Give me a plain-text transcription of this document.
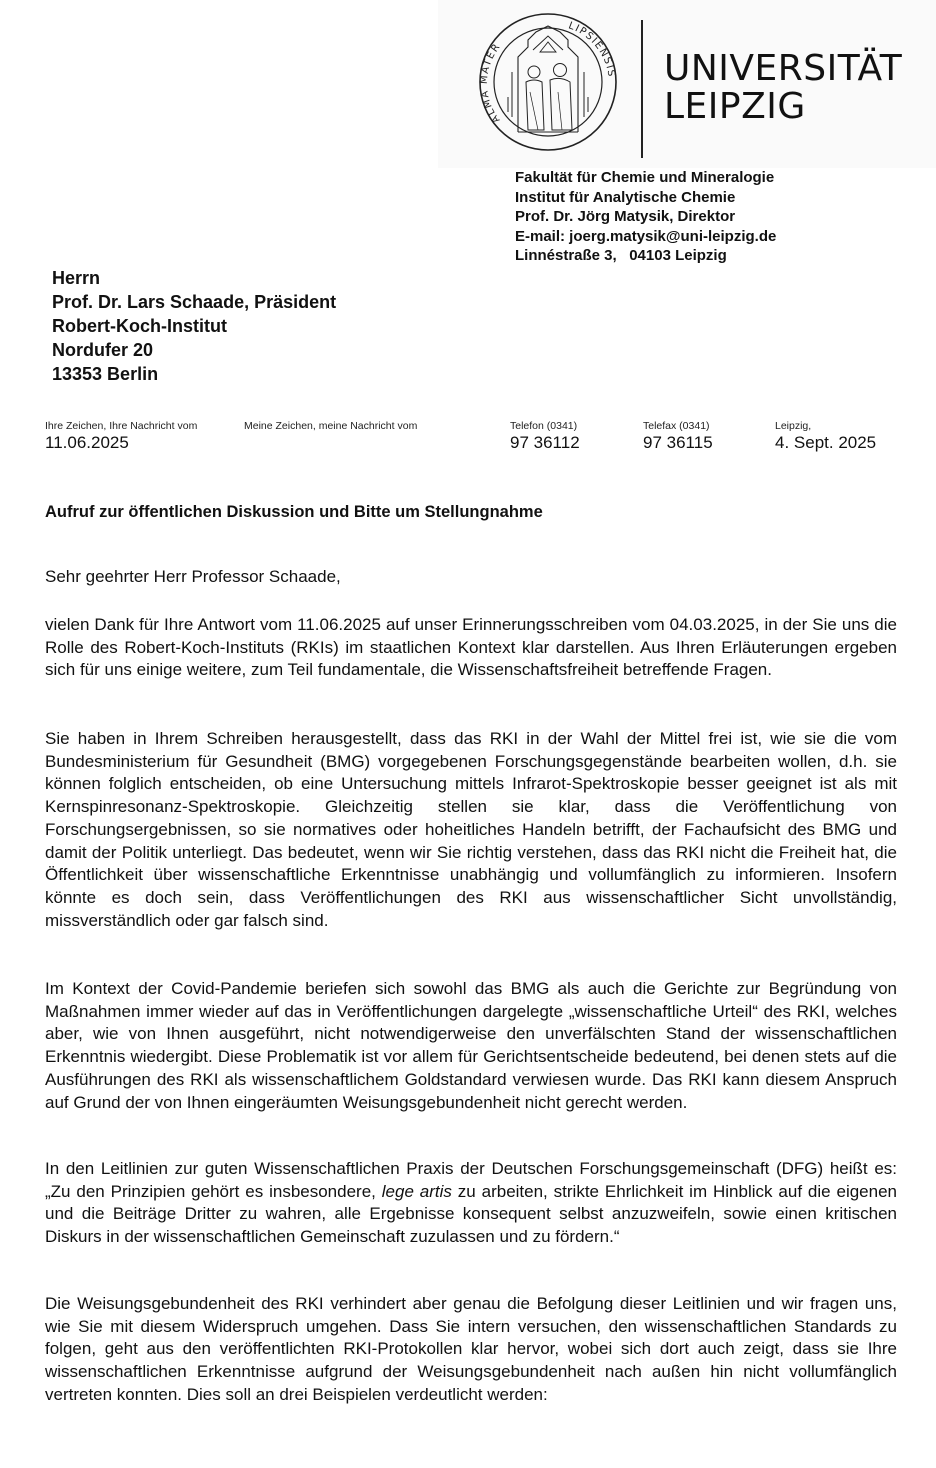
ALMA MATER
LIPSIENSIS UNIVERSITÄT
LEIPZIG
Fakultät für Chemie und Mineralogie
Institut für Analytische Chemie
Prof. Dr. Jörg Matysik, Direktor
E-mail: joerg.matysik@uni-leipzig.de
Linnéstraße 3,   04103 Leipzig
Herrn
Prof. Dr. Lars Schaade, Präsident
Robert-Koch-Institut
Nordufer 20
13353 Berlin
Ihre Zeichen, Ihre Nachricht vom
11.06.2025
Meine Zeichen, meine Nachricht vom	Telefon (0341)
97 36112
Telefax (0341)
97 36115
Leipzig,
4. Sept. 2025
Aufruf zur öffentlichen Diskussion und Bitte um Stellungnahme
Sehr geehrter Herr Professor Schaade,

vielen Dank für Ihre Antwort vom 11.06.2025 auf unser Erinnerungsschreiben vom 04.03.2025, in der Sie uns die Rolle des Robert-Koch-Instituts (RKIs) im staatlichen Kontext klar darstellen. Aus Ihren Erläuterungen ergeben sich für uns einige weitere, zum Teil fundamentale, die Wissenschaftsfreiheit betreffende Fragen.

Sie haben in Ihrem Schreiben herausgestellt, dass das RKI in der Wahl der Mittel frei ist, wie sie die vom Bundesministerium für Gesundheit (BMG) vorgegebenen Forschungsgegenstände bearbeiten wollen, d.h. sie können folglich entscheiden, ob eine Untersuchung mittels Infrarot-Spektroskopie besser geeignet ist als mit Kernspinresonanz-Spektroskopie. Gleichzeitig stellen sie klar, dass die Veröffentlichung von Forschungsergebnissen, so sie normatives oder hoheitliches Handeln betrifft, der Fachaufsicht des BMG und damit der Politik unterliegt. Das bedeutet, wenn wir Sie richtig verstehen, dass das RKI nicht die Freiheit hat, die Öffentlichkeit über wissenschaftliche Erkenntnisse unabhängig und vollumfänglich zu informieren. Insofern könnte es doch sein, dass Veröffentlichungen des RKI aus wissenschaftlicher Sicht unvollständig, missverständlich oder gar falsch sind.

Im Kontext der Covid-Pandemie beriefen sich sowohl das BMG als auch die Gerichte zur Begründung von Maßnahmen immer wieder auf das in Veröffentlichungen dargelegte „wissenschaftliche Urteil“ des RKI, welches aber, wie von Ihnen ausgeführt, nicht notwendigerweise den unverfälschten Stand der wissenschaftlichen Erkenntnis wiedergibt. Diese Problematik ist vor allem für Gerichtsentscheide bedeutend, bei denen stets auf die Ausführungen des RKI als wissenschaftlichem Goldstandard verwiesen wurde. Das RKI kann diesem Anspruch auf Grund der von Ihnen eingeräumten Weisungsgebundenheit nicht gerecht werden.

In den Leitlinien zur guten Wissenschaftlichen Praxis der Deutschen Forschungsgemeinschaft (DFG) heißt es: „Zu den Prinzipien gehört es insbesondere, lege artis zu arbeiten, strikte Ehrlichkeit im Hinblick auf die eigenen und die Beiträge Dritter zu wahren, alle Ergebnisse konsequent selbst anzuzweifeln, sowie einen kritischen Diskurs in der wissenschaftlichen Gemeinschaft zuzulassen und zu fördern.“

Die Weisungsgebundenheit des RKI verhindert aber genau die Befolgung dieser Leitlinien und wir fragen uns, wie Sie mit diesem Widerspruch umgehen. Dass Sie intern versuchen, den wissenschaftlichen Standards zu folgen, geht aus den veröffentlichten RKI-Protokollen klar hervor, wobei sich dort auch zeigt, dass sie Ihre wissenschaftlichen Erkenntnisse aufgrund der Weisungsgebundenheit nach außen hin nicht vollumfänglich vertreten konnten. Dies soll an drei Beispielen verdeutlicht werden:
